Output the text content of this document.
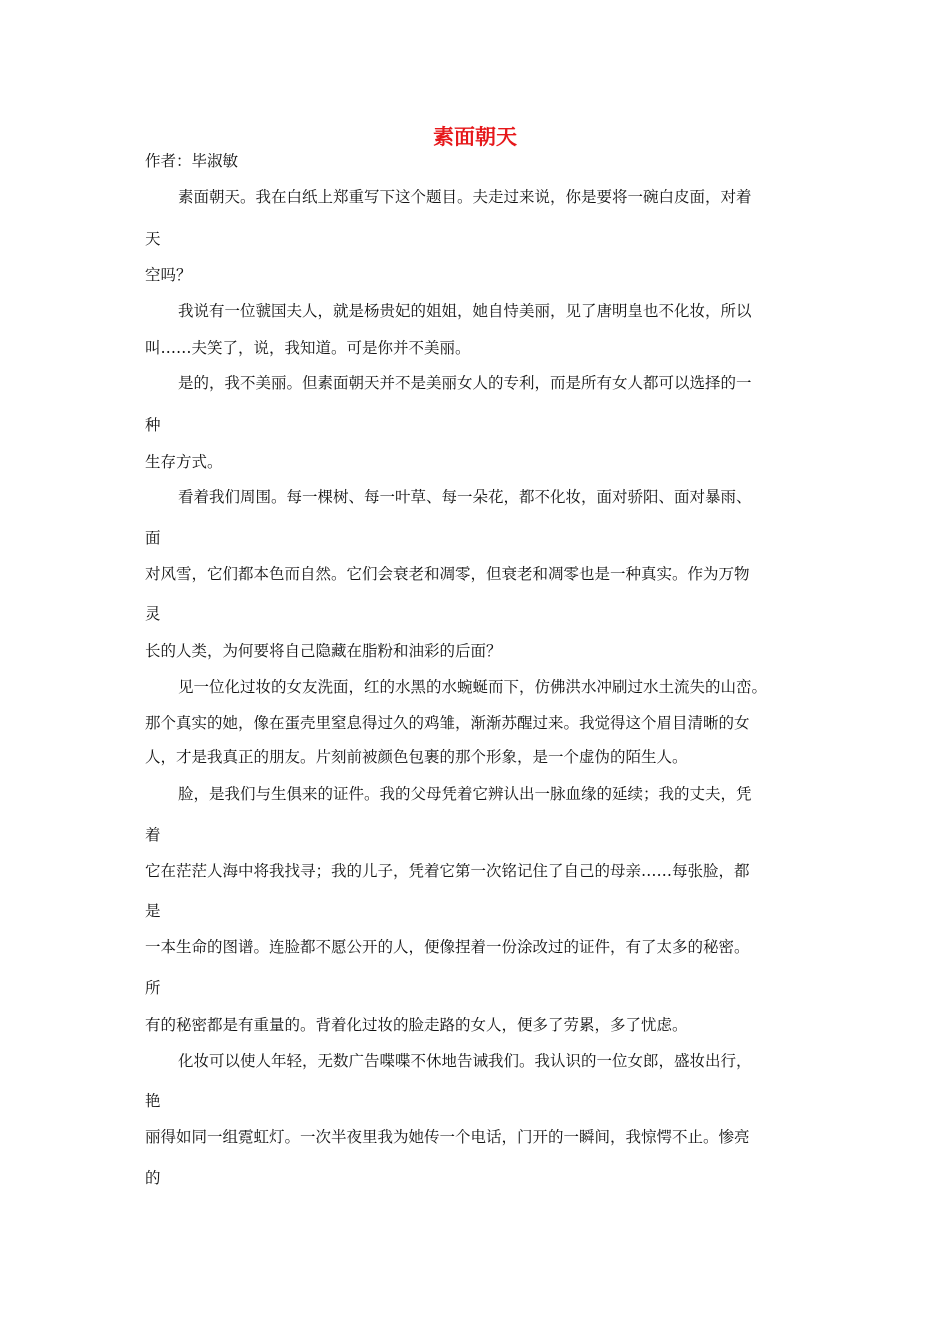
素面朝天
作者：毕淑敏
素面朝天。我在白纸上郑重写下这个题目。夫走过来说，你是要将一碗白皮面，对着
天
空吗？
我说有一位虢国夫人，就是杨贵妃的姐姐，她自恃美丽，见了唐明皇也不化妆，所以
叫……夫笑了，说，我知道。可是你并不美丽。
是的，我不美丽。但素面朝天并不是美丽女人的专利，而是所有女人都可以选择的一
种
生存方式。
看着我们周围。每一棵树、每一叶草、每一朵花，都不化妆，面对骄阳、面对暴雨、
面
对风雪，它们都本色而自然。它们会衰老和凋零，但衰老和凋零也是一种真实。作为万物
灵
长的人类，为何要将自己隐藏在脂粉和油彩的后面？
见一位化过妆的女友洗面，红的水黑的水蜿蜒而下，仿佛洪水冲刷过水土流失的山峦。
那个真实的她，像在蛋壳里窒息得过久的鸡雏，渐渐苏醒过来。我觉得这个眉目清晰的女
人，才是我真正的朋友。片刻前被颜色包裹的那个形象，是一个虚伪的陌生人。
脸，是我们与生俱来的证件。我的父母凭着它辨认出一脉血缘的延续；我的丈夫，凭
着
它在茫茫人海中将我找寻；我的儿子，凭着它第一次铭记住了自己的母亲……每张脸，都
是
一本生命的图谱。连脸都不愿公开的人，便像捏着一份涂改过的证件，有了太多的秘密。
所
有的秘密都是有重量的。背着化过妆的脸走路的女人，便多了劳累，多了忧虑。
化妆可以使人年轻，无数广告喋喋不休地告诫我们。我认识的一位女郎，盛妆出行，
艳
丽得如同一组霓虹灯。一次半夜里我为她传一个电话，门开的一瞬间，我惊愕不止。惨亮
的
